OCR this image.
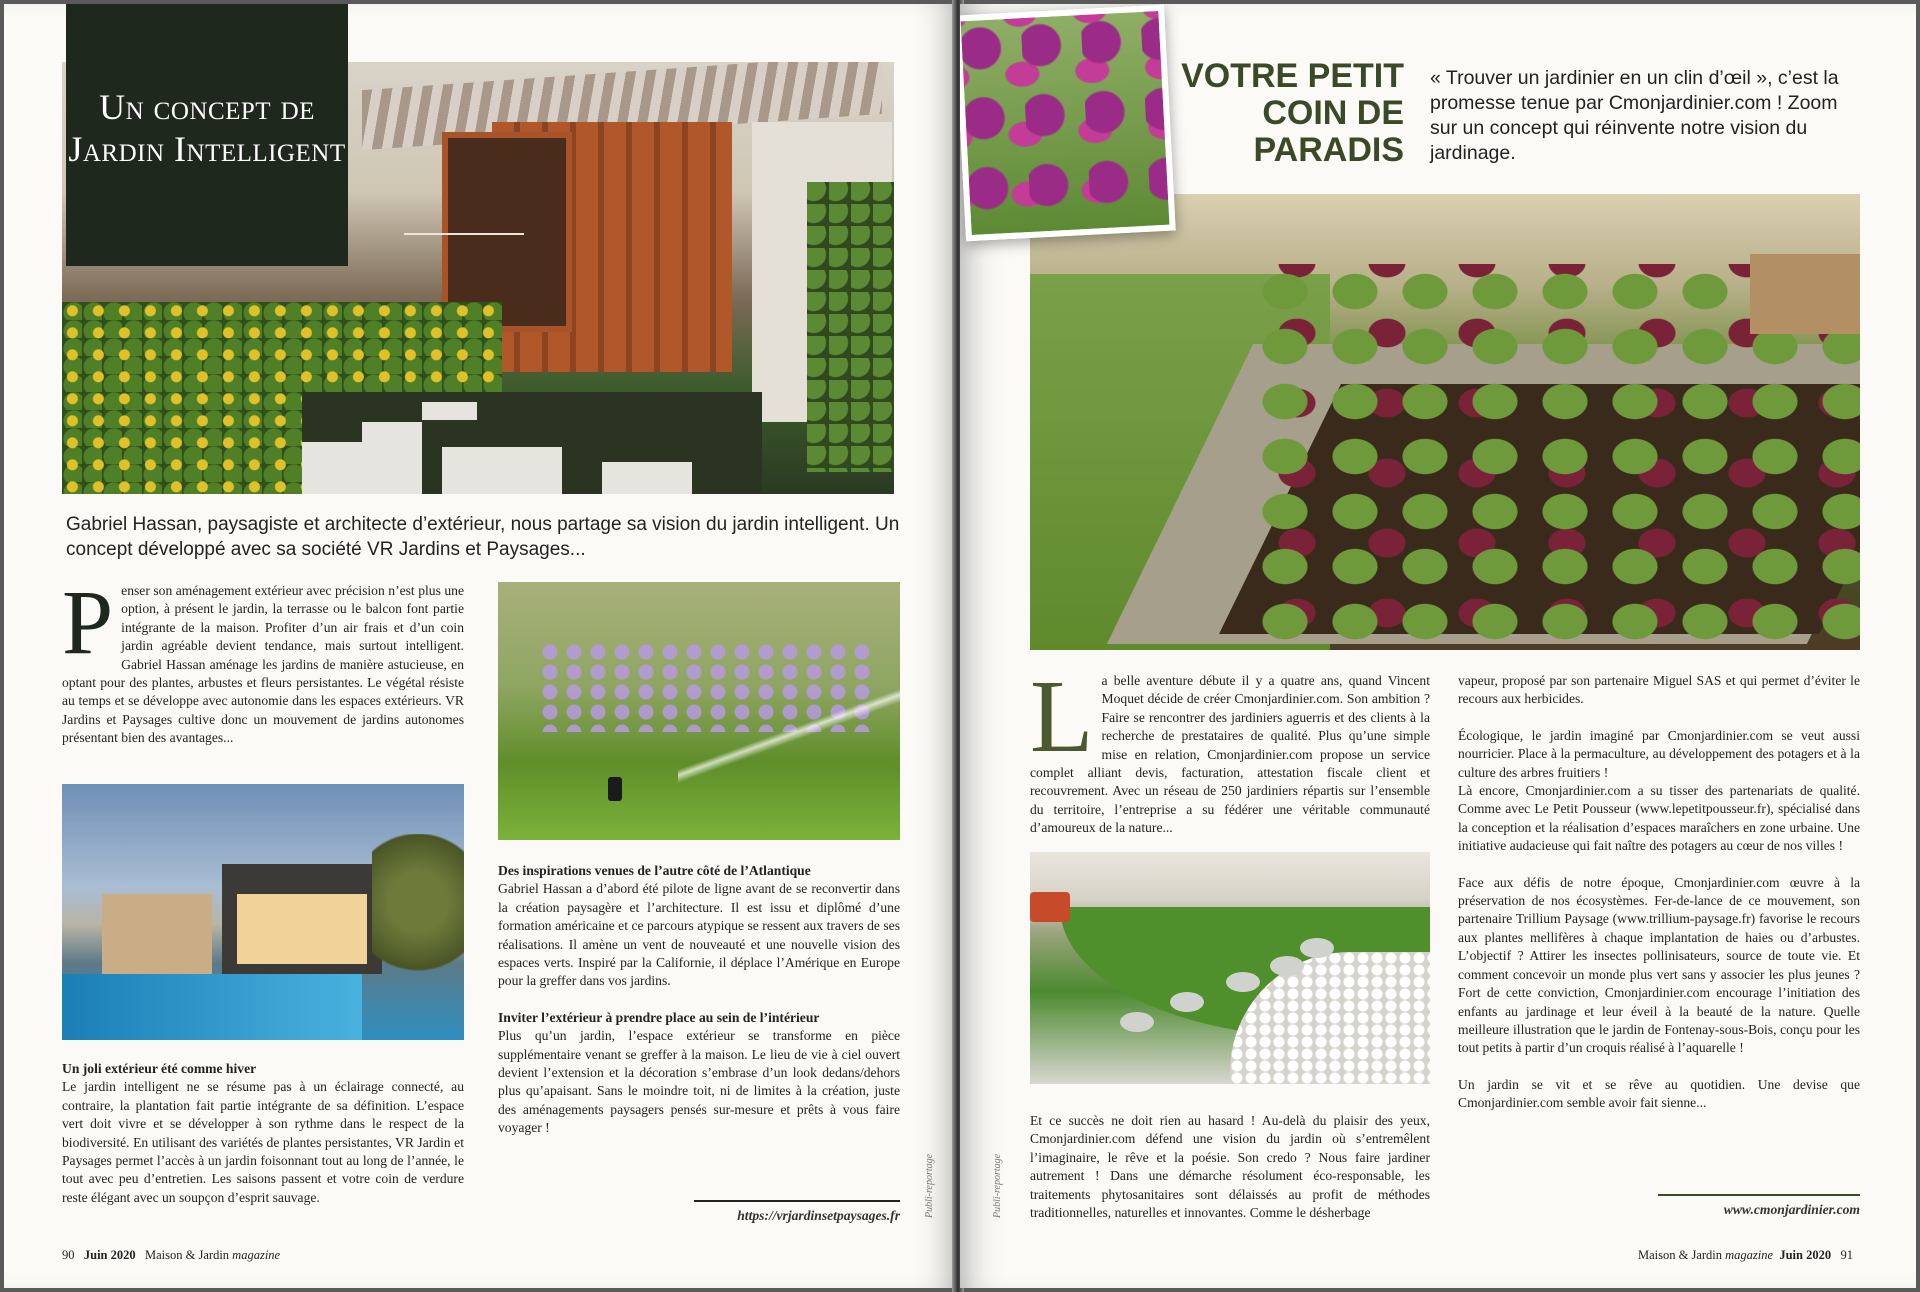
Un concept de Jardin Intelligent
Gabriel Hassan, paysagiste et architecte d’extérieur, nous partage sa vision du jardin intelligent. Un concept développé avec sa société VR Jardins et Paysages...

Penser son aménagement extérieur avec précision n’est plus une option, à présent le jardin, la terrasse ou le balcon font partie intégrante de la maison. Profiter d’un air frais et d’un coin jardin agréable devient tendance, mais surtout intelligent. Gabriel Hassan aménage les jardins de manière astucieuse, en optant pour des plantes, arbustes et fleurs persistantes. Le végétal résiste au temps et se développe avec autonomie dans les espaces extérieurs. VR Jardins et Paysages cultive donc un mouvement de jardins autonomes présentant bien des avantages...

Un joli extérieur été comme hiver

Le jardin intelligent ne se résume pas à un éclairage connecté, au contraire, la plantation fait partie intégrante de sa définition. L’espace vert doit vivre et se développer à son rythme dans le respect de la biodiversité. En utilisant des variétés de plantes persistantes, VR Jardin et Paysages permet l’accès à un jardin foisonnant tout au long de l’année, le tout avec peu d’entretien. Les saisons passent et votre coin de verdure reste élégant avec un soupçon d’esprit sauvage.

Des inspirations venues de l’autre côté de l’Atlantique

Gabriel Hassan a d’abord été pilote de ligne avant de se reconvertir dans la création paysagère et l’architecture. Il est issu et diplômé d’une formation américaine et ce parcours atypique se ressent aux travers de ses réalisations. Il amène un vent de nouveauté et une nouvelle vision des espaces verts. Inspiré par la Californie, il déplace l’Amérique en Europe pour la greffer dans vos jardins.

Inviter l’extérieur à prendre place au sein de l’intérieur

Plus qu’un jardin, l’espace extérieur se transforme en pièce supplémentaire venant se greffer à la maison. Le lieu de vie à ciel ouvert devient l’extension et la décoration s’embrase d’un look dedans/dehors plus qu’apaisant. Sans le moindre toit, ni de limites à la création, juste des aménagements paysagers pensés sur-mesure et prêts à vous faire voyager !

https://vrjardinsetpaysages.fr Publi-reportage
90 Juin 2020 Maison & Jardin magazine
VOTRE PETIT
COIN DE
PARADIS
« Trouver un jardinier en un clin d’œil », c’est la promesse tenue par Cmonjardinier.com ! Zoom sur un concept qui réinvente notre vision du jardinage.

La belle aventure débute il y a quatre ans, quand Vincent Moquet décide de créer Cmonjardinier.com. Son ambition ? Faire se rencontrer des jardiniers aguerris et des clients à la recherche de prestataires de qualité. Plus qu’une simple mise en relation, Cmonjardinier.com propose un service complet alliant devis, facturation, attestation fiscale client et recouvrement. Avec un réseau de 250 jardiniers répartis sur l’ensemble du territoire, l’entreprise a su fédérer une véritable communauté d’amoureux de la nature...

Et ce succès ne doit rien au hasard ! Au-delà du plaisir des yeux, Cmonjardinier.com défend une vision du jardin où s’entremêlent l’imaginaire, le rêve et la poésie. Son credo ? Nous faire jardiner autrement ! Dans une démarche résolument éco-responsable, les traitements phytosanitaires sont délaissés au profit de méthodes traditionnelles, naturelles et innovantes. Comme le désherbage

vapeur, proposé par son partenaire Miguel SAS et qui permet d’éviter le recours aux herbicides.

Écologique, le jardin imaginé par Cmonjardinier.com se veut aussi nourricier. Place à la permaculture, au développement des potagers et à la culture des arbres fruitiers !

Là encore, Cmonjardinier.com a su tisser des partenariats de qualité. Comme avec Le Petit Pousseur (www.lepetitpousseur.fr), spécialisé dans la conception et la réalisation d’espaces maraîchers en zone urbaine. Une initiative audacieuse qui fait naître des potagers au cœur de nos villes !

Face aux défis de notre époque, Cmonjardinier.com œuvre à la préservation de nos écosystèmes. Fer-de-lance de ce mouvement, son partenaire Trillium Paysage (www.trillium-paysage.fr) favorise le recours aux plantes mellifères à chaque implantation de haies ou d’arbustes. L’objectif ? Attirer les insectes pollinisateurs, source de toute vie. Et comment concevoir un monde plus vert sans y associer les plus jeunes ? Fort de cette conviction, Cmonjardinier.com encourage l’initiation des enfants au jardinage et leur éveil à la beauté de la nature. Quelle meilleure illustration que le jardin de Fontenay-sous-Bois, conçu pour les tout petits à partir d’un croquis réalisé à l’aquarelle !

Un jardin se vit et se rêve au quotidien. Une devise que Cmonjardinier.com semble avoir fait sienne...

www.cmonjardinier.com
Publi-reportage
Maison & Jardin magazine Juin 2020 91
